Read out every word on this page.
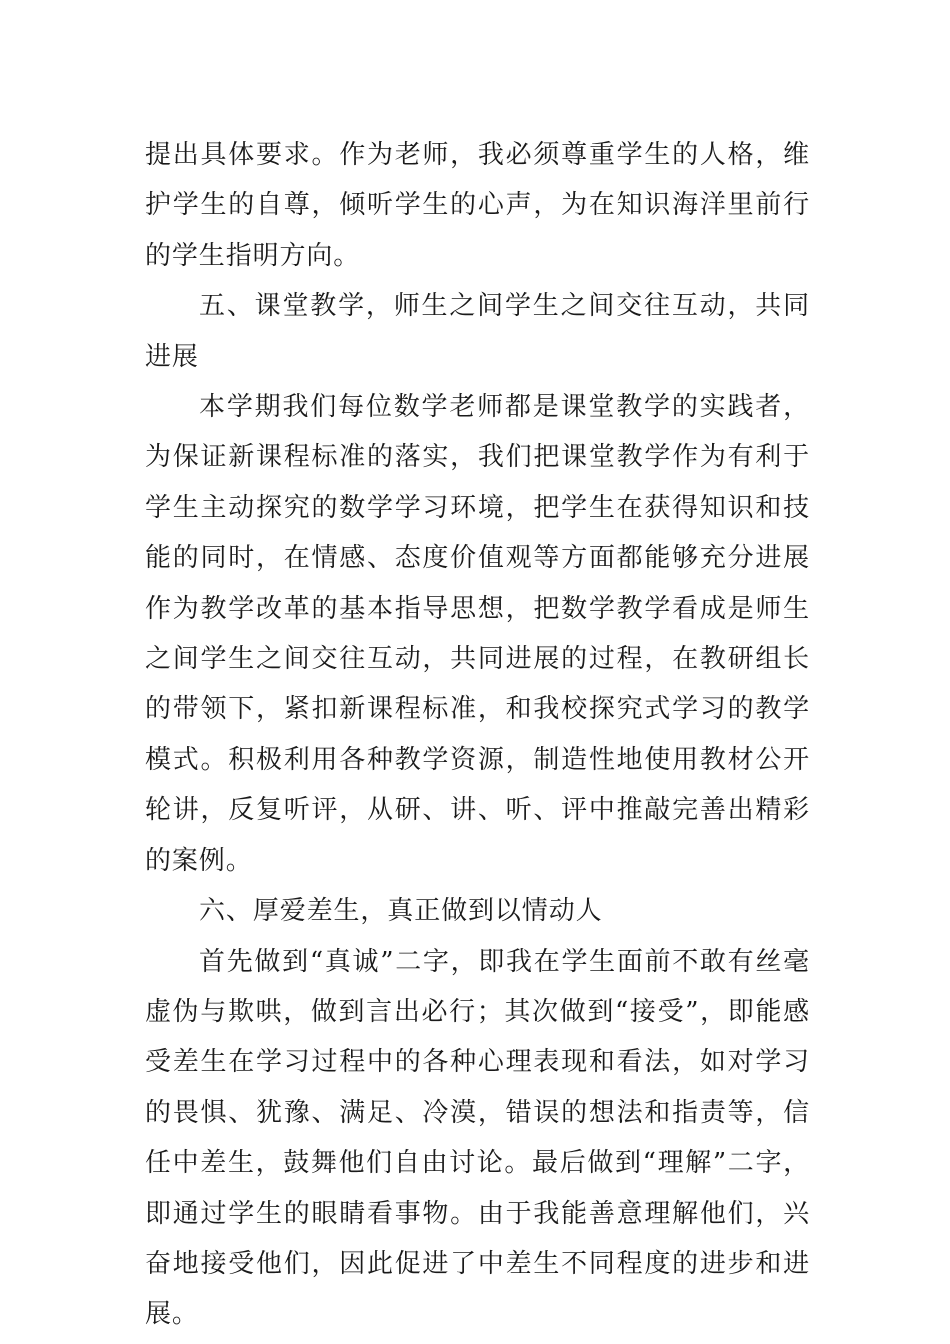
提出具体要求。作为老师，我必须尊重学生的人格，维护学生的自尊，倾听学生的心声，为在知识海洋里前行的学生指明方向。

五、课堂教学，师生之间学生之间交往互动，共同进展

本学期我们每位数学老师都是课堂教学的实践者，为保证新课程标准的落实，我们把课堂教学作为有利于学生主动探究的数学学习环境，把学生在获得知识和技能的同时，在情感、态度价值观等方面都能够充分进展作为教学改革的基本指导思想，把数学教学看成是师生之间学生之间交往互动，共同进展的过程，在教研组长的带领下，紧扣新课程标准，和我校探究式学习的教学模式。积极利用各种教学资源，制造性地使用教材公开轮讲，反复听评，从研、讲、听、评中推敲完善出精彩的案例。

六、厚爱差生，真正做到以情动人

首先做到“真诚”二字，即我在学生面前不敢有丝毫虚伪与欺哄，做到言出必行；其次做到“接受”，即能感受差生在学习过程中的各种心理表现和看法，如对学习的畏惧、犹豫、满足、冷漠，错误的想法和指责等，信任中差生，鼓舞他们自由讨论。最后做到“理解”二字，即通过学生的眼睛看事物。由于我能善意理解他们，兴奋地接受他们，因此促进了中差生不同程度的进步和进展。
